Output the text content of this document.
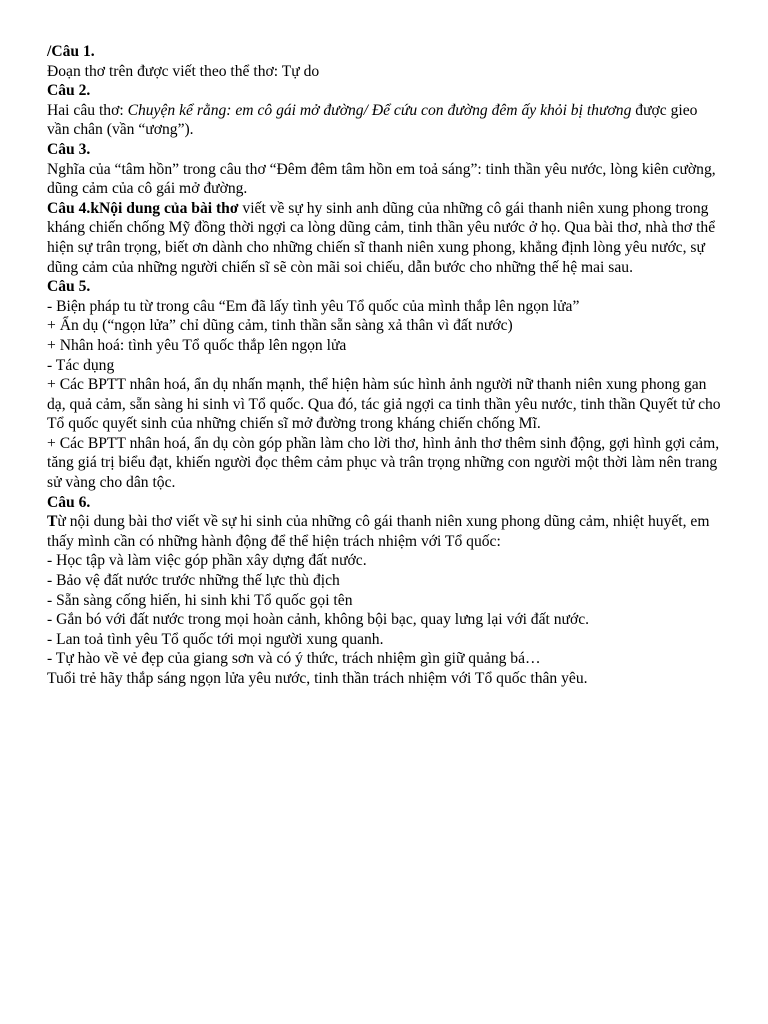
/Câu 1.

Đoạn thơ trên được viết theo thể thơ: Tự do

Câu 2.

Hai câu thơ: Chuyện kể rằng: em cô gái mở đường/ Để cứu con đường đêm ấy khỏi bị thương được gieo vần chân (vần “ương”).

Câu 3.

Nghĩa của “tâm hồn” trong câu thơ “Đêm đêm tâm hồn em toả sáng”: tinh thần yêu nước, lòng kiên cường, dũng cảm của cô gái mở đường.

Câu 4.kNội dung của bài thơ viết về sự hy sinh anh dũng của những cô gái thanh niên xung phong trong kháng chiến chống Mỹ đồng thời ngợi ca lòng dũng cảm, tinh thần yêu nước ở họ. Qua bài thơ, nhà thơ thể hiện sự trân trọng, biết ơn dành cho những chiến sĩ thanh niên xung phong, khẳng định lòng yêu nước, sự dũng cảm của những người chiến sĩ sẽ còn mãi soi chiếu, dẫn bước cho những thế hệ mai sau.

Câu 5.

- Biện pháp tu từ trong câu “Em đã lấy tình yêu Tổ quốc của mình thắp lên ngọn lửa”

+ Ẩn dụ (“ngọn lửa” chỉ dũng cảm, tinh thần sẵn sàng xả thân vì đất nước)

+ Nhân hoá: tình yêu Tổ quốc thắp lên ngọn lửa

- Tác dụng

+ Các BPTT nhân hoá, ẩn dụ nhấn mạnh, thể hiện hàm súc hình ảnh người nữ thanh niên xung phong gan dạ, quả cảm, sẵn sàng hi sinh vì Tổ quốc. Qua đó, tác giả ngợi ca tinh thần yêu nước, tinh thần Quyết tử cho Tổ quốc quyết sinh của những chiến sĩ mở đường trong kháng chiến chống Mĩ.

+ Các BPTT nhân hoá, ẩn dụ còn góp phần làm cho lời thơ, hình ảnh thơ thêm sinh động, gợi hình gợi cảm, tăng giá trị biểu đạt, khiến người đọc thêm cảm phục và trân trọng những con người một thời làm nên trang sử vàng cho dân tộc.

Câu 6.

Từ nội dung bài thơ viết về sự hi sinh của những cô gái thanh niên xung phong dũng cảm, nhiệt huyết, em thấy mình cần có những hành động để thể hiện trách nhiệm với Tổ quốc:

- Học tập và làm việc góp phần xây dựng đất nước.

- Bảo vệ đất nước trước những thế lực thù địch

- Sẵn sàng cống hiến, hi sinh khi Tổ quốc gọi tên

- Gắn bó với đất nước trong mọi hoàn cảnh, không bội bạc, quay lưng lại với đất nước.

- Lan toả tình yêu Tổ quốc tới mọi người xung quanh.

- Tự hào về vẻ đẹp của giang sơn và có ý thức, trách nhiệm gìn giữ quảng bá…

Tuổi trẻ hãy thắp sáng ngọn lửa yêu nước, tinh thần trách nhiệm với Tổ quốc thân yêu.
